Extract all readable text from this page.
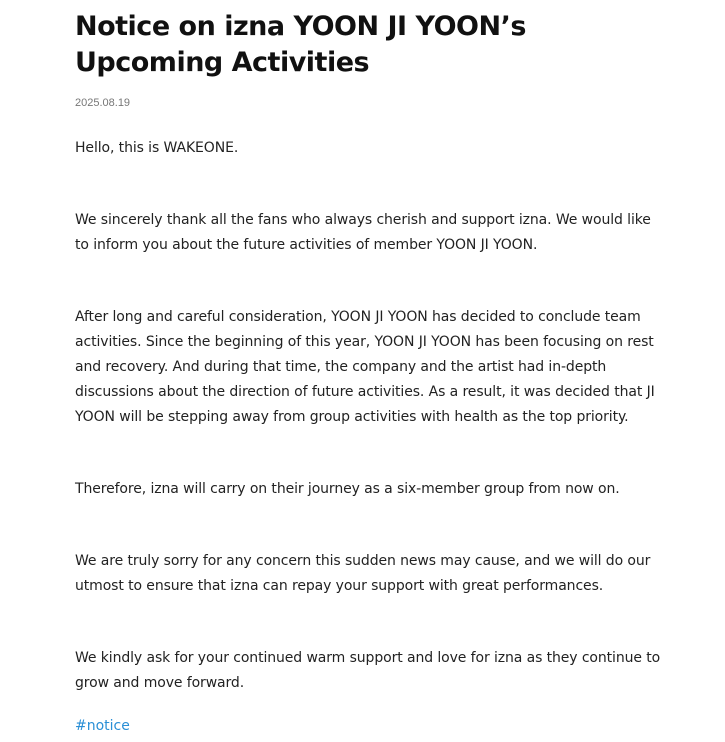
Notice on izna YOON JI YOON’s Upcoming Activities
2025.08.19

Hello, this is WAKEONE.

We sincerely thank all the fans who always cherish and support izna. We would like to inform you about the future activities of member YOON JI YOON.

After long and careful consideration, YOON JI YOON has decided to conclude team activities. Since the beginning of this year, YOON JI YOON has been focusing on rest and recovery. And during that time, the company and the artist had in-depth discussions about the direction of future activities. As a result, it was decided that JI YOON will be stepping away from group activities with health as the top priority.

Therefore, izna will carry on their journey as a six-member group from now on.

We are truly sorry for any concern this sudden news may cause, and we will do our utmost to ensure that izna can repay your support with great performances.

We kindly ask for your continued warm support and love for izna as they continue to grow and move forward.

#notice
